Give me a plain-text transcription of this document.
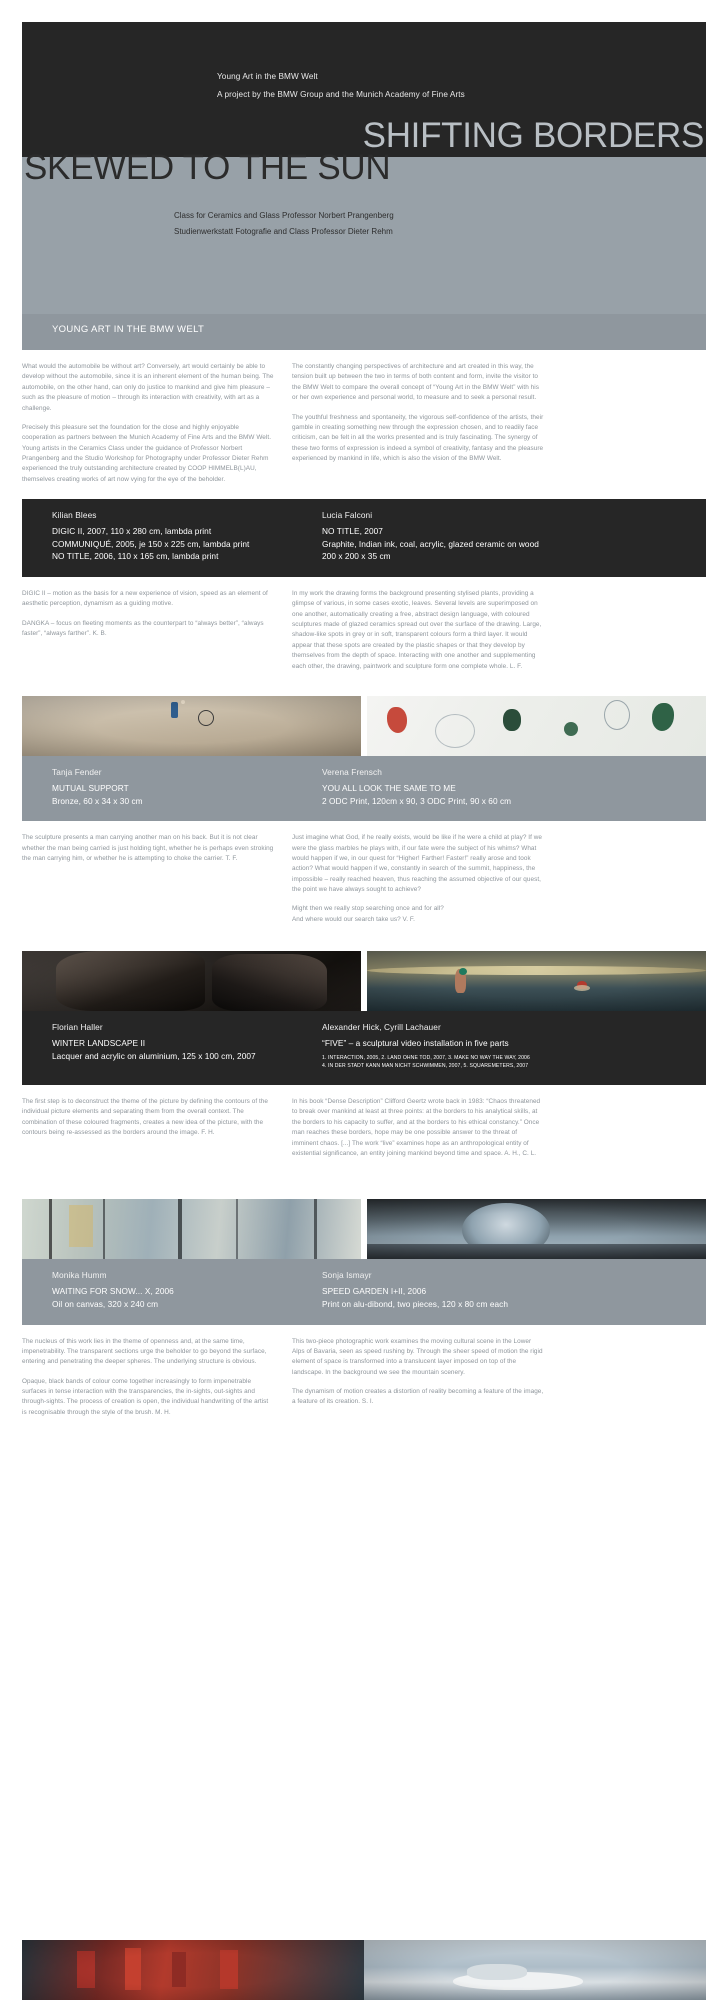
Young Art in the BMW Welt
A project by the BMW Group and the Munich Academy of Fine Arts
SHIFTING BORDERS
SKEWED TO THE SUN
Class for Ceramics and Glass Professor Norbert Prangenberg
Studienwerkstatt Fotografie and Class Professor Dieter Rehm
YOUNG ART IN THE BMW WELT

What would the automobile be without art? Conversely, art would certainly be able to develop without the automobile, since it is an inherent element of the human being. The automobile, on the other hand, can only do justice to mankind and give him pleasure – such as the pleasure of motion – through its interaction with creativity, with art as a challenge.

Precisely this pleasure set the foundation for the close and highly enjoyable cooperation as partners between the Munich Academy of Fine Arts and the BMW Welt. Young artists in the Ceramics Class under the guidance of Professor Norbert Prangenberg and the Studio Workshop for Photography under Professor Dieter Rehm experienced the truly outstanding architecture created by COOP HIMMELB(L)AU, themselves creating works of art now vying for the eye of the beholder.

The constantly changing perspectives of architecture and art created in this way, the tension built up between the two in terms of both content and form, invite the visitor to the BMW Welt to compare the overall concept of “Young Art in the BMW Welt” with his or her own experience and personal world, to measure and to seek a personal result.

The youthful freshness and spontaneity, the vigorous self-confidence of the artists, their gamble in creating something new through the expression chosen, and to readily face criticism, can be felt in all the works presented and is truly fascinating. The synergy of these two forms of expression is indeed a symbol of creativity, fantasy and the pleasure experienced by mankind in life, which is also the vision of the BMW Welt.

Kilian Blees
DIGIC II, 2007, 110 x 280 cm, lambda print
COMMUNIQUÉ, 2005, je 150 x 225 cm, lambda print
NO TITLE, 2006, 110 x 165 cm, lambda print
Lucia Falconi
NO TITLE, 2007
Graphite, Indian ink, coal, acrylic, glazed ceramic on wood
200 x 200 x 35 cm

DIGIC II – motion as the basis for a new experience of vision, speed as an element of aesthetic perception, dynamism as a guiding motive.

DANGKA – focus on fleeting moments as the counterpart to “always better”, “always faster”, “always farther”. K. B.

In my work the drawing forms the background presenting stylised plants, providing a glimpse of various, in some cases exotic, leaves. Several levels are superimposed on one another, automatically creating a free, abstract design language, with coloured sculptures made of glazed ceramics spread out over the surface of the drawing. Large, shadow-like spots in grey or in soft, transparent colours form a third layer. It would appear that these spots are created by the plastic shapes or that they develop by themselves from the depth of space. Interacting with one another and supplementing each other, the drawing, paintwork and sculpture form one complete whole. L. F.

Tanja Fender
MUTUAL SUPPORT
Bronze, 60 x 34 x 30 cm
Verena Frensch
YOU ALL LOOK THE SAME TO ME
2 ODC Print, 120cm x 90, 3 ODC Print, 90 x 60 cm

The sculpture presents a man carrying another man on his back. But it is not clear whether the man being carried is just holding tight, whether he is perhaps even stroking the man carrying him, or whether he is attempting to choke the carrier. T. F.

Just imagine what God, if he really exists, would be like if he were a child at play? If we were the glass marbles he plays with, if our fate were the subject of his whims? What would happen if we, in our quest for “Higher! Farther! Faster!” really arose and took action? What would happen if we, constantly in search of the summit, happiness, the impossible – really reached heaven, thus reaching the assumed objective of our quest, the point we have always sought to achieve?

Might then we really stop searching once and for all?

And where would our search take us? V. F.

Florian Haller
WINTER LANDSCAPE II
Lacquer and acrylic on aluminium, 125 x 100 cm, 2007
Alexander Hick, Cyrill Lachauer
“FIVE” – a sculptural video installation in five parts
1. INTERACTION, 2005, 2. LAND OHNE TOD, 2007, 3. MAKE NO WAY THE WAY, 2006
4. IN DER STADT KANN MAN NICHT SCHWIMMEN, 2007, 5. SQUAREMETERS, 2007

The first step is to deconstruct the theme of the picture by defining the contours of the individual picture elements and separating them from the overall context. The combination of these coloured fragments, creates a new idea of the picture, with the contours being re-assessed as the borders around the image. F. H.

In his book “Dense Description” Clifford Geertz wrote back in 1983: “Chaos threatened to break over mankind at least at three points: at the borders to his analytical skills, at the borders to his capacity to suffer, and at the borders to his ethical constancy.” Once man reaches these borders, hope may be one possible answer to the threat of imminent chaos. [...] The work “live” examines hope as an anthropological entity of existential significance, an entity joining mankind beyond time and space. A. H., C. L.

Monika Humm
WAITING FOR SNOW... X, 2006
Oil on canvas, 320 x 240 cm
Sonja Ismayr
SPEED GARDEN I+II, 2006
Print on alu-dibond, two pieces, 120 x 80 cm each

The nucleus of this work lies in the theme of openness and, at the same time, impenetrability. The transparent sections urge the beholder to go beyond the surface, entering and penetrating the deeper spheres. The underlying structure is obvious.

Opaque, black bands of colour come together increasingly to form impenetrable surfaces in tense interaction with the transparencies, the in-sights, out-sights and through-sights. The process of creation is open, the individual handwriting of the artist is recognisable through the style of the brush. M. H.

This two-piece photographic work examines the moving cultural scene in the Lower Alps of Bavaria, seen as speed rushing by. Through the sheer speed of motion the rigid element of space is transformed into a translucent layer imposed on top of the landscape. In the background we see the mountain scenery.

The dynamism of motion creates a distortion of reality becoming a feature of the image, a feature of its creation. S. I.
